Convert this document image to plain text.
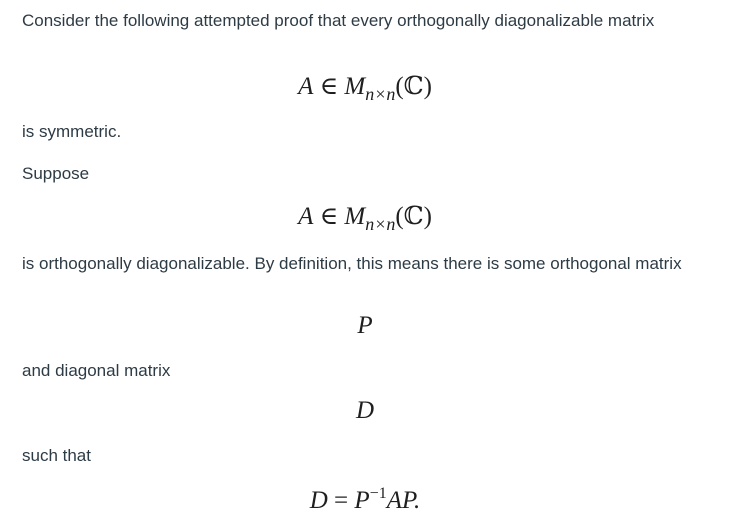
Consider the following attempted proof that every orthogonally diagonalizable matrix

A ∈ $M_{n\times n}(ℂ)$

is symmetric.

Suppose

A ∈ $M_{n\times n}(ℂ)$

is orthogonally diagonalizable. By definition, this means there is some orthogonal matrix

P

and diagonal matrix

D

such that

$D = P^{-1}AP$.
